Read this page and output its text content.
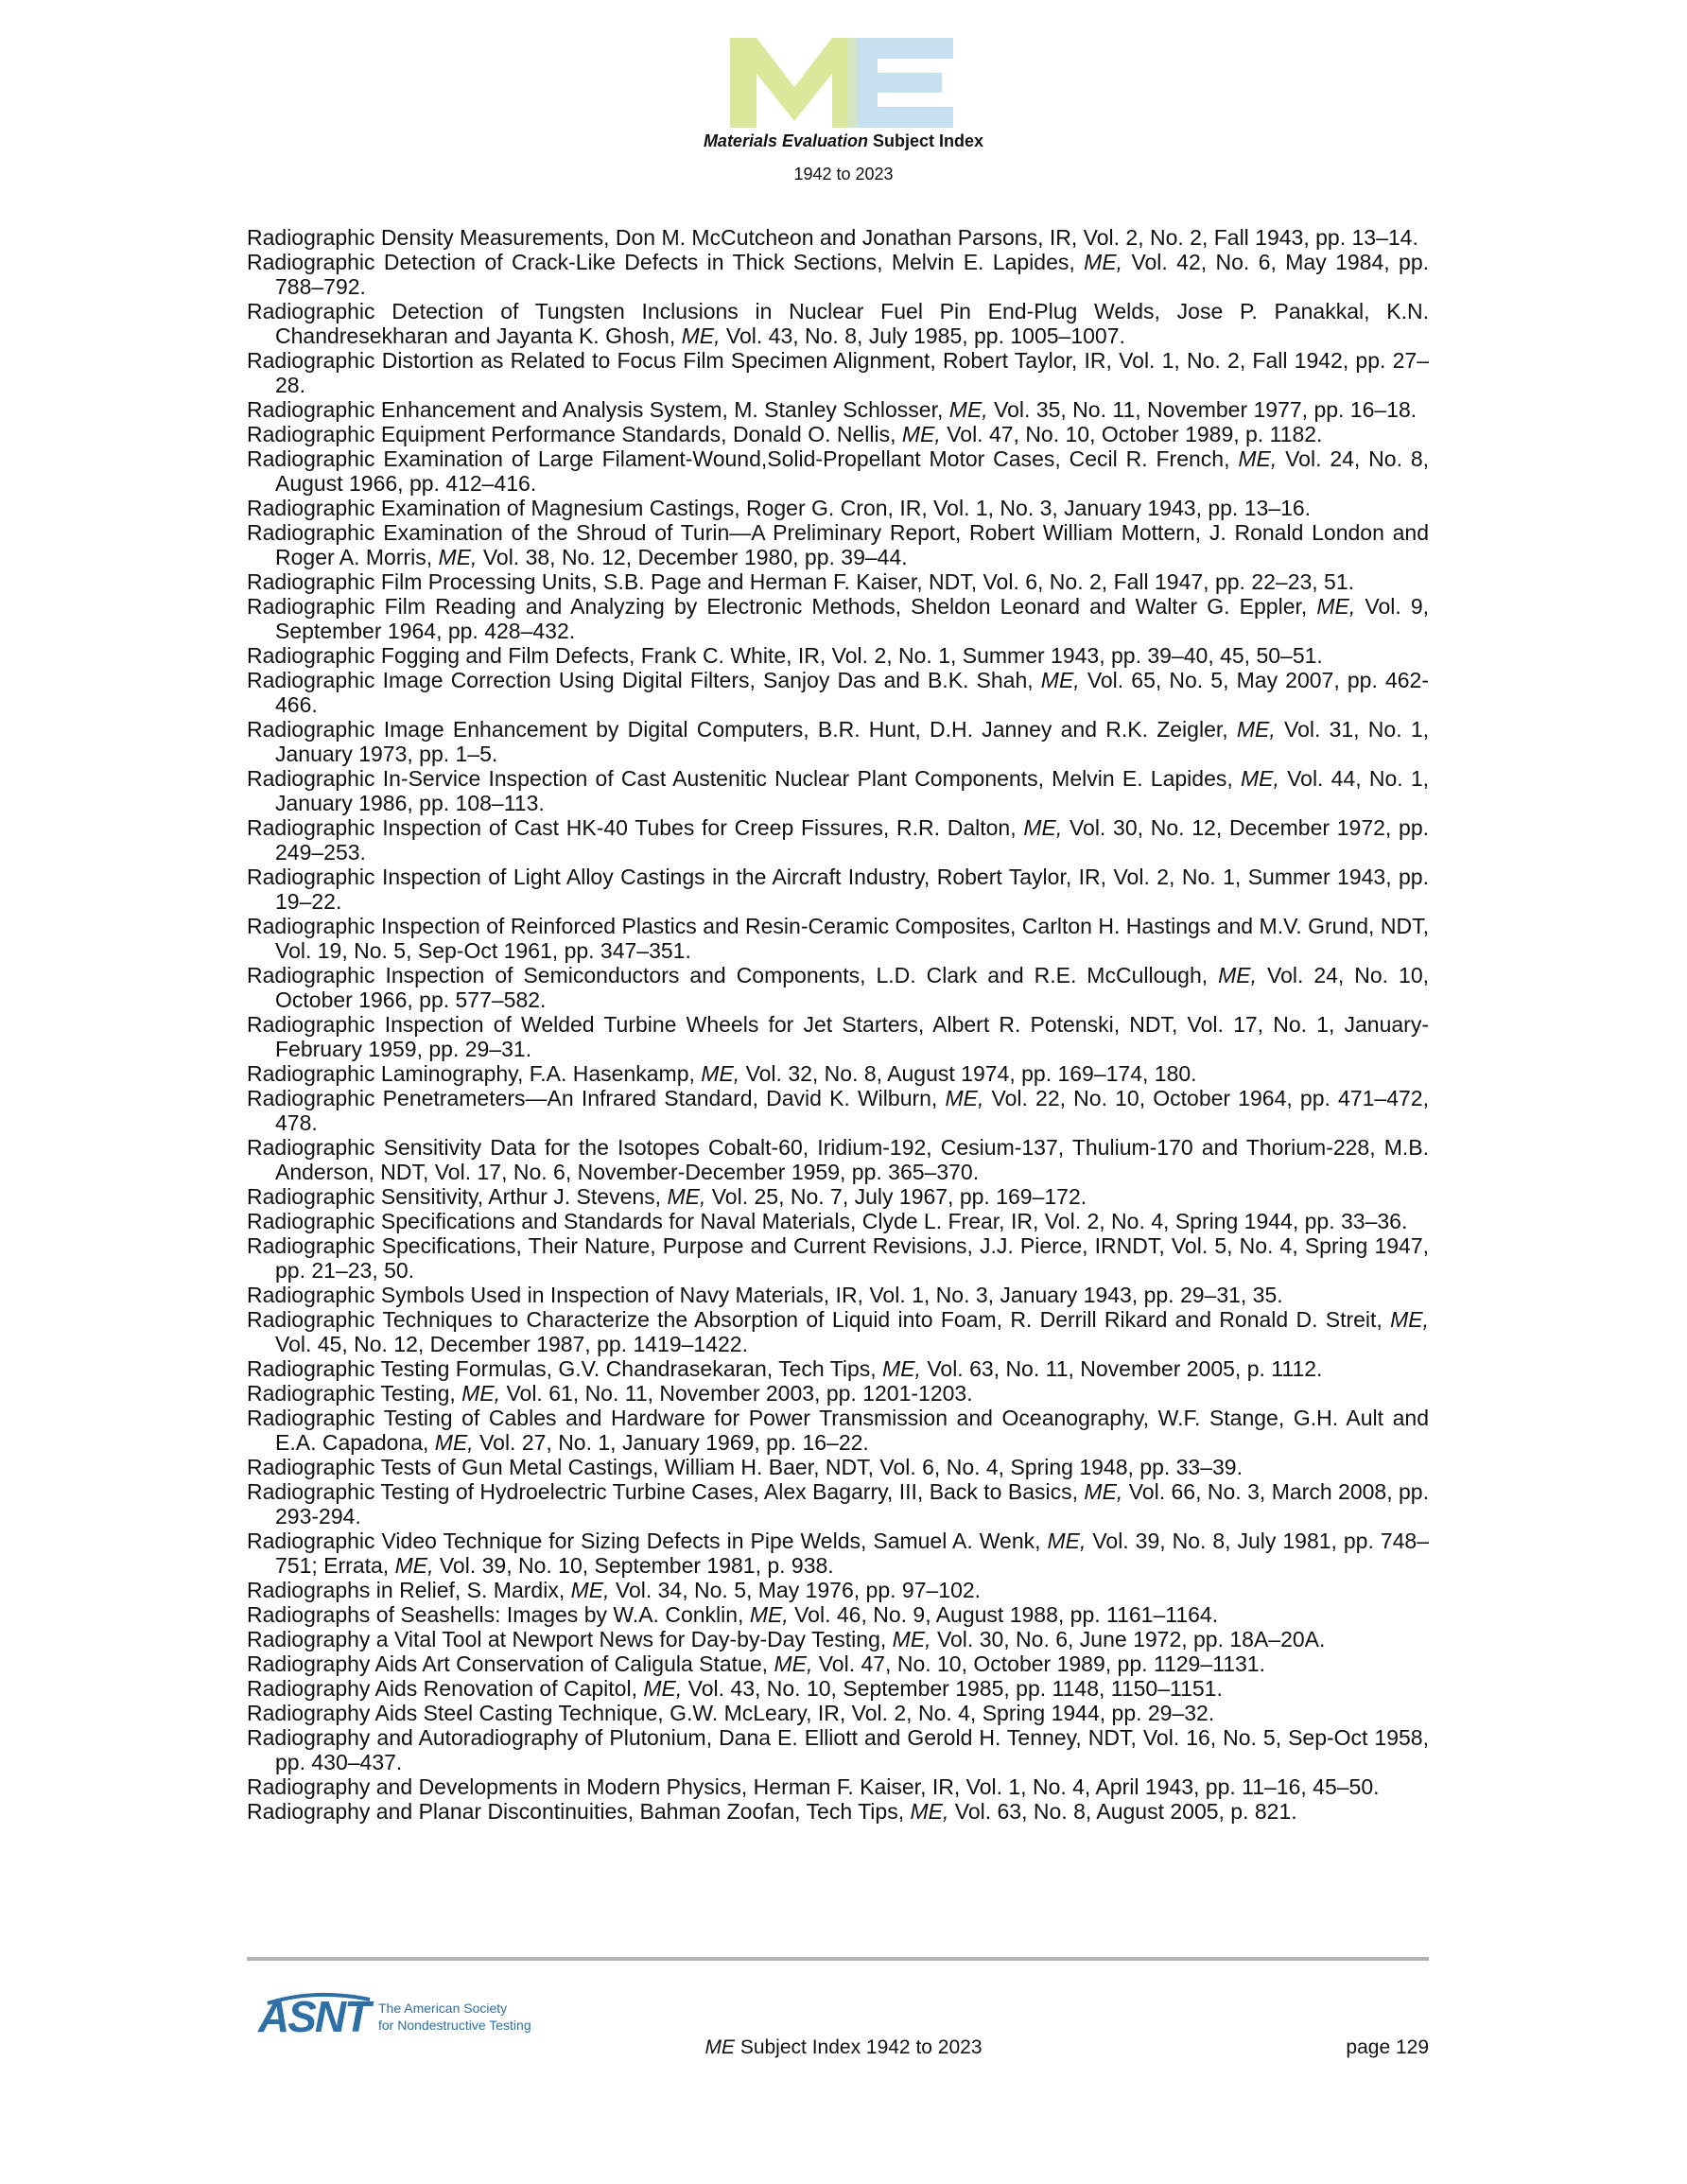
Materials Evaluation Subject Index
1942 to 2023

Radiographic Density Measurements, Don M. McCutcheon and Jonathan Parsons, IR, Vol. 2, No. 2, Fall 1943, pp. 13–14.

Radiographic Detection of Crack-Like Defects in Thick Sections, Melvin E. Lapides, ME, Vol. 42, No. 6, May 1984, pp. 788–792.

Radiographic Detection of Tungsten Inclusions in Nuclear Fuel Pin End-Plug Welds, Jose P. Panakkal, K.N. Chandresekharan and Jayanta K. Ghosh, ME, Vol. 43, No. 8, July 1985, pp. 1005–1007.

Radiographic Distortion as Related to Focus Film Specimen Alignment, Robert Taylor, IR, Vol. 1, No. 2, Fall 1942, pp. 27–28.

Radiographic Enhancement and Analysis System, M. Stanley Schlosser, ME, Vol. 35, No. 11, November 1977, pp. 16–18.

Radiographic Equipment Performance Standards, Donald O. Nellis, ME, Vol. 47, No. 10, October 1989, p. 1182.

Radiographic Examination of Large Filament-Wound,Solid-Propellant Motor Cases, Cecil R. French, ME, Vol. 24, No. 8, August 1966, pp. 412–416.

Radiographic Examination of Magnesium Castings, Roger G. Cron, IR, Vol. 1, No. 3, January 1943, pp. 13–16.

Radiographic Examination of the Shroud of Turin—A Preliminary Report, Robert William Mottern, J. Ronald London and Roger A. Morris, ME, Vol. 38, No. 12, December 1980, pp. 39–44.

Radiographic Film Processing Units, S.B. Page and Herman F. Kaiser, NDT, Vol. 6, No. 2, Fall 1947, pp. 22–23, 51.

Radiographic Film Reading and Analyzing by Electronic Methods, Sheldon Leonard and Walter G. Eppler, ME, Vol. 9, September 1964, pp. 428–432.

Radiographic Fogging and Film Defects, Frank C. White, IR, Vol. 2, No. 1, Summer 1943, pp. 39–40, 45, 50–51.

Radiographic Image Correction Using Digital Filters, Sanjoy Das and B.K. Shah, ME, Vol. 65, No. 5, May 2007, pp. 462-466.

Radiographic Image Enhancement by Digital Computers, B.R. Hunt, D.H. Janney and R.K. Zeigler, ME, Vol. 31, No. 1, January 1973, pp. 1–5.

Radiographic In-Service Inspection of Cast Austenitic Nuclear Plant Components, Melvin E. Lapides, ME, Vol. 44, No. 1, January 1986, pp. 108–113.

Radiographic Inspection of Cast HK-40 Tubes for Creep Fissures, R.R. Dalton, ME, Vol. 30, No. 12, December 1972, pp. 249–253.

Radiographic Inspection of Light Alloy Castings in the Aircraft Industry, Robert Taylor, IR, Vol. 2, No. 1, Summer 1943, pp. 19–22.

Radiographic Inspection of Reinforced Plastics and Resin-Ceramic Composites, Carlton H. Hastings and M.V. Grund, NDT, Vol. 19, No. 5, Sep-Oct 1961, pp. 347–351.

Radiographic Inspection of Semiconductors and Components, L.D. Clark and R.E. McCullough, ME, Vol. 24, No. 10, October 1966, pp. 577–582.

Radiographic Inspection of Welded Turbine Wheels for Jet Starters, Albert R. Potenski, NDT, Vol. 17, No. 1, January-February 1959, pp. 29–31.

Radiographic Laminography, F.A. Hasenkamp, ME, Vol. 32, No. 8, August 1974, pp. 169–174, 180.

Radiographic Penetrameters—An Infrared Standard, David K. Wilburn, ME, Vol. 22, No. 10, October 1964, pp. 471–472, 478.

Radiographic Sensitivity Data for the Isotopes Cobalt-60, Iridium-192, Cesium-137, Thulium-170 and Thorium-228, M.B. Anderson, NDT, Vol. 17, No. 6, November-December 1959, pp. 365–370.

Radiographic Sensitivity, Arthur J. Stevens, ME, Vol. 25, No. 7, July 1967, pp. 169–172.

Radiographic Specifications and Standards for Naval Materials, Clyde L. Frear, IR, Vol. 2, No. 4, Spring 1944, pp. 33–36.

Radiographic Specifications, Their Nature, Purpose and Current Revisions, J.J. Pierce, IRNDT, Vol. 5, No. 4, Spring 1947, pp. 21–23, 50.

Radiographic Symbols Used in Inspection of Navy Materials, IR, Vol. 1, No. 3, January 1943, pp. 29–31, 35.

Radiographic Techniques to Characterize the Absorption of Liquid into Foam, R. Derrill Rikard and Ronald D. Streit, ME, Vol. 45, No. 12, December 1987, pp. 1419–1422.

Radiographic Testing Formulas, G.V. Chandrasekaran, Tech Tips, ME, Vol. 63, No. 11, November 2005, p. 1112.

Radiographic Testing, ME, Vol. 61, No. 11, November 2003, pp. 1201-1203.

Radiographic Testing of Cables and Hardware for Power Transmission and Oceanography, W.F. Stange, G.H. Ault and E.A. Capadona, ME, Vol. 27, No. 1, January 1969, pp. 16–22.

Radiographic Tests of Gun Metal Castings, William H. Baer, NDT, Vol. 6, No. 4, Spring 1948, pp. 33–39.

Radiographic Testing of Hydroelectric Turbine Cases, Alex Bagarry, III, Back to Basics, ME, Vol. 66, No. 3, March 2008, pp. 293-294.

Radiographic Video Technique for Sizing Defects in Pipe Welds, Samuel A. Wenk, ME, Vol. 39, No. 8, July 1981, pp. 748–751; Errata, ME, Vol. 39, No. 10, September 1981, p. 938.

Radiographs in Relief, S. Mardix, ME, Vol. 34, No. 5, May 1976, pp. 97–102.

Radiographs of Seashells: Images by W.A. Conklin, ME, Vol. 46, No. 9, August 1988, pp. 1161–1164.

Radiography a Vital Tool at Newport News for Day-by-Day Testing, ME, Vol. 30, No. 6, June 1972, pp. 18A–20A.

Radiography Aids Art Conservation of Caligula Statue, ME, Vol. 47, No. 10, October 1989, pp. 1129–1131.

Radiography Aids Renovation of Capitol, ME, Vol. 43, No. 10, September 1985, pp. 1148, 1150–1151.

Radiography Aids Steel Casting Technique, G.W. McLeary, IR, Vol. 2, No. 4, Spring 1944, pp. 29–32.

Radiography and Autoradiography of Plutonium, Dana E. Elliott and Gerold H. Tenney, NDT, Vol. 16, No. 5, Sep-Oct 1958, pp. 430–437.

Radiography and Developments in Modern Physics, Herman F. Kaiser, IR, Vol. 1, No. 4, April 1943, pp. 11–16, 45–50.

Radiography and Planar Discontinuities, Bahman Zoofan, Tech Tips, ME, Vol. 63, No. 8, August 2005, p. 821.

ASNT The American Society
for Nondestructive Testing
ME Subject Index 1942 to 2023	page 129
